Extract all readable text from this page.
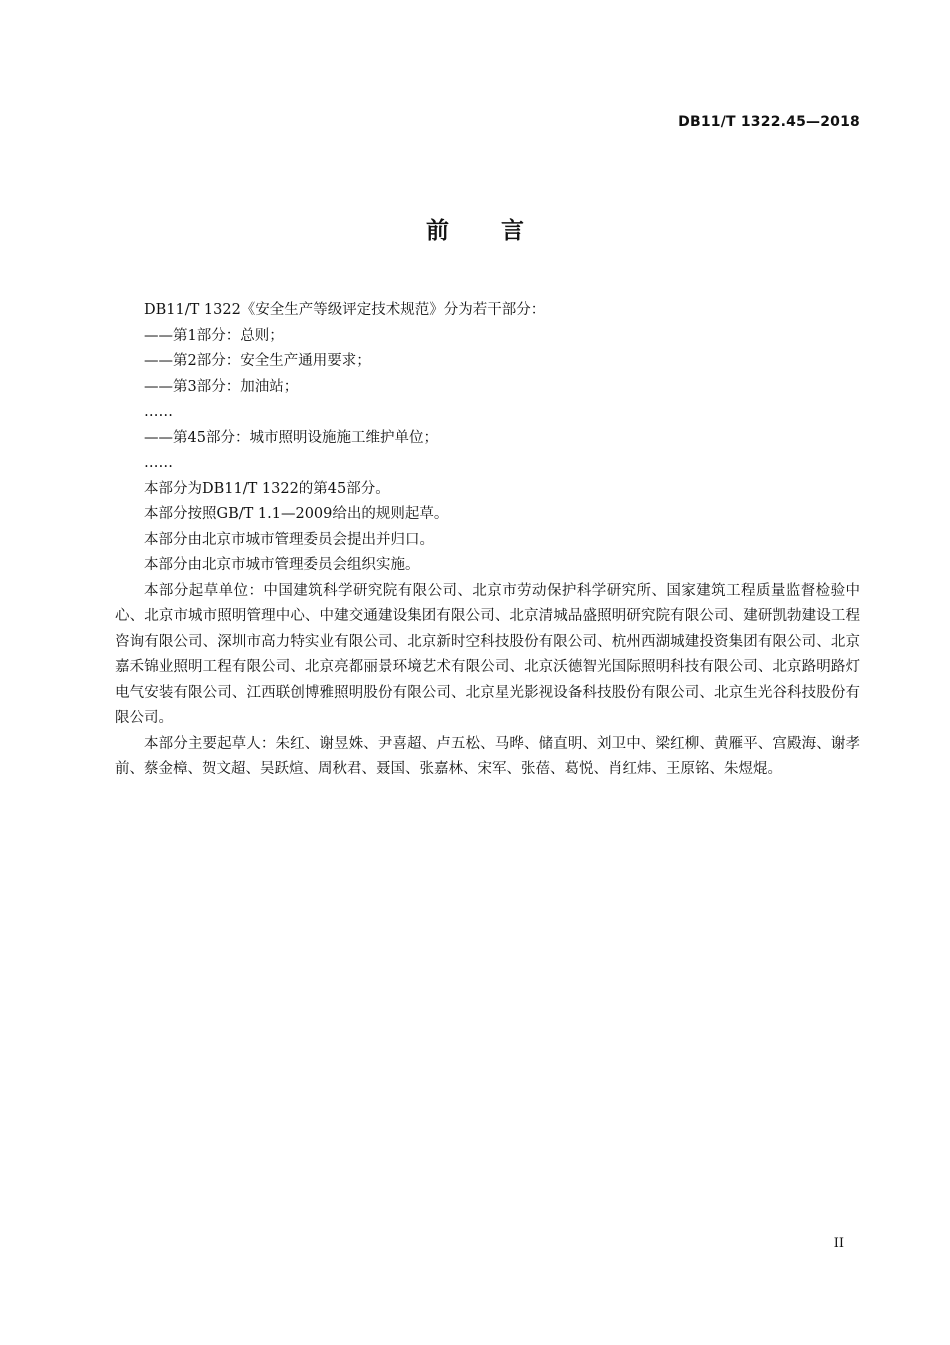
DB11/T 1322.45—2018
前 言

DB11/T 1322《安全生产等级评定技术规范》分为若干部分：

——第1部分：总则；

——第2部分：安全生产通用要求；

——第3部分：加油站；

……

——第45部分：城市照明设施施工维护单位；

……

本部分为DB11/T 1322的第45部分。

本部分按照GB/T 1.1—2009给出的规则起草。

本部分由北京市城市管理委员会提出并归口。

本部分由北京市城市管理委员会组织实施。

本部分起草单位：中国建筑科学研究院有限公司、北京市劳动保护科学研究所、国家建筑工程质量监督检验中心、北京市城市照明管理中心、中建交通建设集团有限公司、北京清城品盛照明研究院有限公司、建研凯勃建设工程咨询有限公司、深圳市高力特实业有限公司、北京新时空科技股份有限公司、杭州西湖城建投资集团有限公司、北京嘉禾锦业照明工程有限公司、北京亮都丽景环境艺术有限公司、北京沃德智光国际照明科技有限公司、北京路明路灯电气安装有限公司、江西联创博雅照明股份有限公司、北京星光影视设备科技股份有限公司、北京生光谷科技股份有限公司。

本部分主要起草人：朱红、谢昱姝、尹喜超、卢五松、马晔、储直明、刘卫中、梁红柳、黄雁平、宫殿海、谢孝前、蔡金樟、贺文超、吴跃煊、周秋君、聂国、张嘉林、宋军、张蓓、葛悦、肖红炜、王原铭、朱煜焜。

II
